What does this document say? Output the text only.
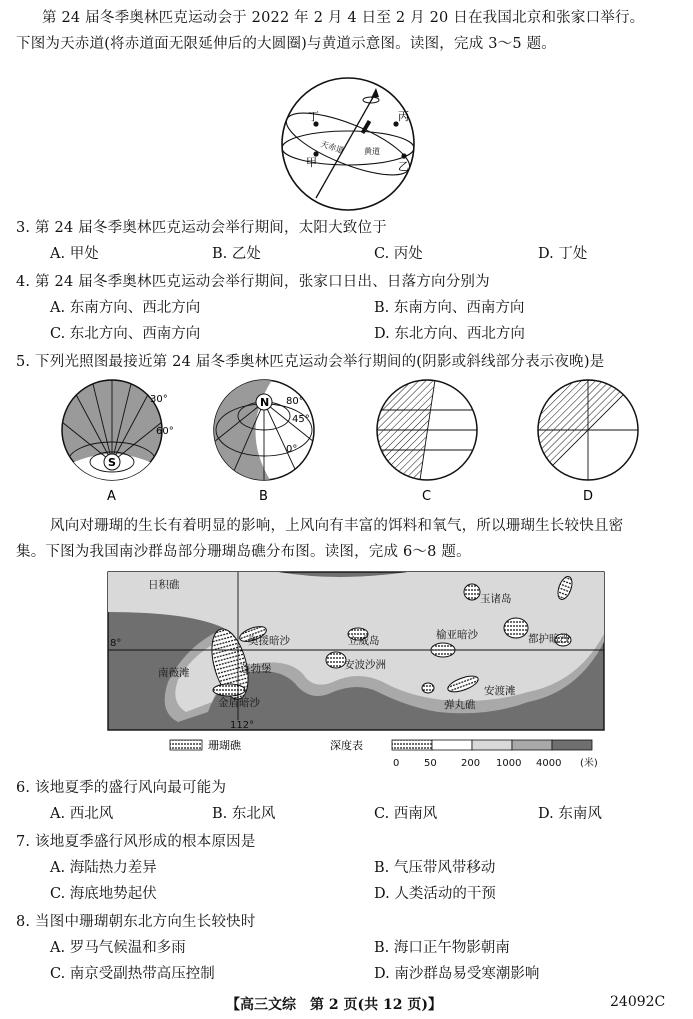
第 24 届冬季奥林匹克运动会于 2022 年 2 月 4 日至 2 月 20 日在我国北京和张家口举行。
下图为天赤道(将赤道面无限延伸后的大圆圈)与黄道示意图。读图，完成 3～5 题。
丁	丙
甲	乙
天赤道 黄道
3. 第 24 届冬季奥林匹克运动会举行期间，太阳大致位于
A. 甲处	B. 乙处	C. 丙处	D. 丁处
4. 第 24 届冬季奥林匹克运动会举行期间，张家口日出、日落方向分别为
A. 东南方向、西北方向	B. 东南方向、西南方向
C. 东北方向、西南方向	D. 东北方向、西北方向
5. 下列光照图最接近第 24 届冬季奥林匹克运动会举行期间的(阴影或斜线部分表示夜晚)是
S
30°
60°
A
N 80°
45°
0°
B	C	D
风向对珊瑚的生长有着明显的影响，上风向有丰富的饵料和氧气，所以珊瑚生长较快且密
集。下图为我国南沙群岛部分珊瑚岛礁分布图。读图，完成 6～8 题。
8°
112°
日积礁
玉诸岛
奥援暗沙	立威岛	榆亚暗沙	都护暗沙
南薇滩	蓬勃堡	安波沙洲
金盾暗沙
安渡滩
弹丸礁
珊瑚礁	深度表
0 50 200 1000 4000 (米)
6. 该地夏季的盛行风向最可能为
A. 西北风	B. 东北风	C. 西南风	D. 东南风
7. 该地夏季盛行风形成的根本原因是
A. 海陆热力差异	B. 气压带风带移动
C. 海底地势起伏	D. 人类活动的干预
8. 当图中珊瑚朝东北方向生长较快时
A. 罗马气候温和多雨	B. 海口正午物影朝南
C. 南京受副热带高压控制	D. 南沙群岛易受寒潮影响
【高三文综　第 2 页(共 12 页)】	24092C
